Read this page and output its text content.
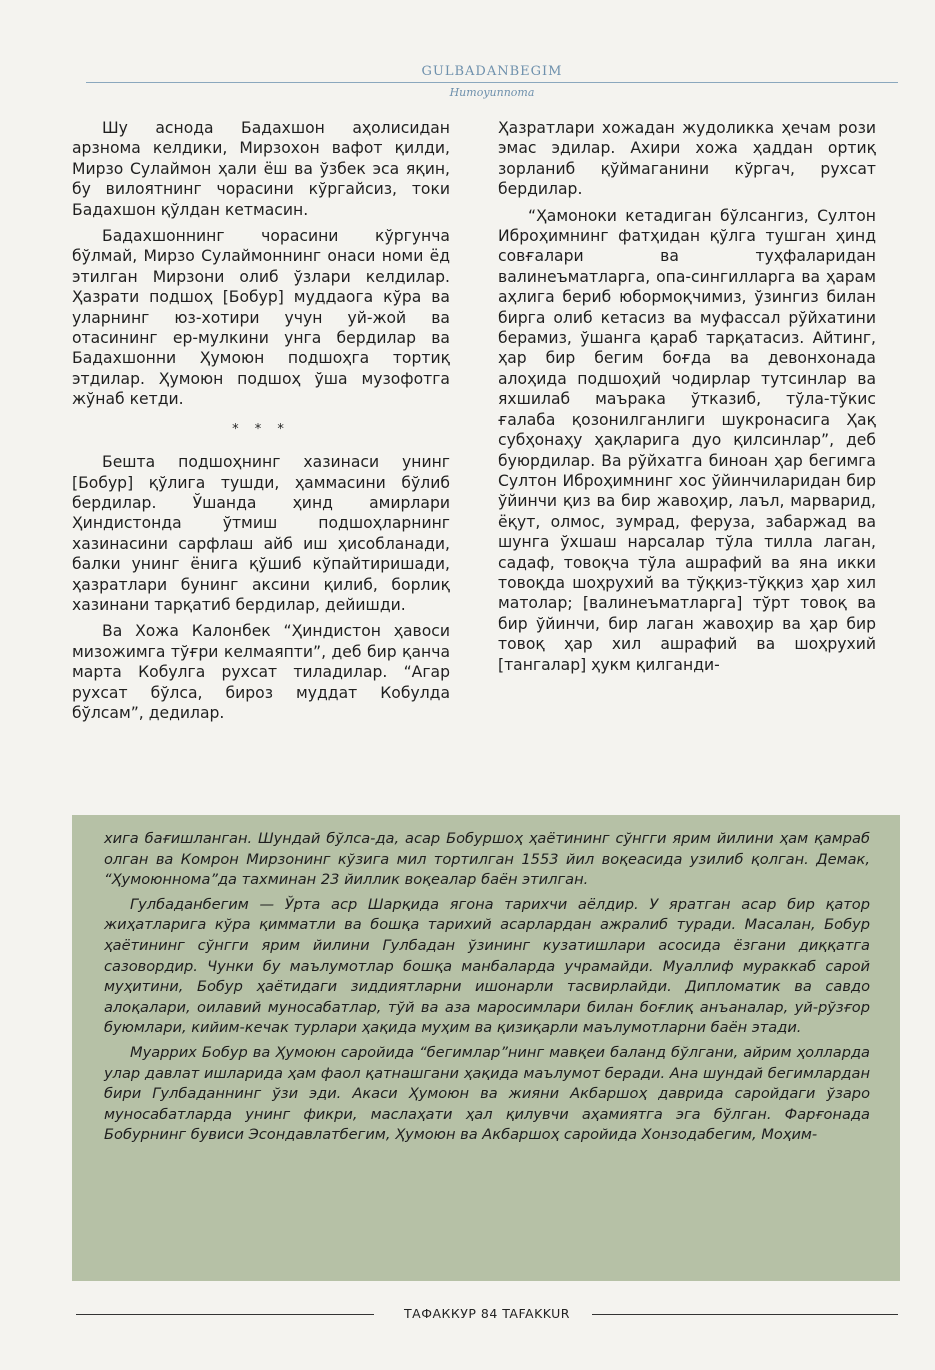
GULBADANBEGIM
Humoyunnoma

Шу аснода Бадахшон аҳолисидан арзнома келдики, Мирзохон вафот қилди, Мирзо Сулаймон ҳали ёш ва ўзбек эса яқин, бу вилоятнинг чорасини кўргайсиз, токи Бадахшон қўлдан кетмасин.

Бадахшоннинг чорасини кўргунча бўлмай, Мирзо Сулаймоннинг онаси номи ёд этилган Мирзони олиб ўзлари келдилар. Ҳазрати подшоҳ [Бобур] муддаога кўра ва уларнинг юз-хотири учун уй-жой ва отасининг ер-мулкини унга бердилар ва Бадахшонни Ҳумоюн подшоҳга тортиқ этдилар. Ҳумоюн подшоҳ ўша музофотга жўнаб кетди.

* * *

Бешта подшоҳнинг хазинаси унинг [Бобур] қўлига тушди, ҳаммасини бўлиб бердилар. Ўшанда ҳинд амирлари Ҳиндистонда ўтмиш подшоҳларнинг хазинасини сарфлаш айб иш ҳисобланади, балки унинг ёнига қўшиб кўпайтиришади, ҳазратлари бунинг аксини қилиб, борлиқ хазинани тарқатиб бердилар, дейишди.

Ва Хожа Калонбек “Ҳиндистон ҳавоси мизожимга тўғри келмаяпти”, деб бир қанча марта Кобулга рухсат тиладилар. “Агар рухсат бўлса, бироз муддат Кобулда бўлсам”, дедилар.

Ҳазратлари хожадан жудоликка ҳечам рози эмас эдилар. Ахири хожа ҳаддан ортиқ зорланиб қўймаганини кўргач, рухсат бердилар.

“Ҳамоноки кетадиган бўлсангиз, Султон Иброҳимнинг фатҳидан қўлга тушган ҳинд совғалари ва туҳфаларидан валинеъматларга, опа-сингилларга ва ҳарам аҳлига бериб юбормоқчимиз, ўзингиз билан бирга олиб кетасиз ва муфассал рўйхатини берамиз, ўшанга қараб тарқатасиз. Айтинг, ҳар бир бегим боғда ва девонхонада алоҳида подшоҳий чодирлар тутсинлар ва яхшилаб маърака ўтказиб, тўла-тўкис ғалаба қозонилганлиги шукронасига Ҳақ субҳонаҳу ҳақларига дуо қилсинлар”, деб буюрдилар. Ва рўйхатга биноан ҳар бегимга Султон Иброҳимнинг хос ўйинчиларидан бир ўйинчи қиз ва бир жавоҳир, лаъл, марварид, ёқут, олмос, зумрад, феруза, забаржад ва шунга ўхшаш нарсалар тўла тилла лаган, садаф, товоқча тўла ашрафий ва яна икки товоқда шоҳрухий ва тўққиз-тўққиз ҳар хил матолар; [валинеъматларга] тўрт товоқ ва бир ўйинчи, бир лаган жавоҳир ва ҳар бир товоқ ҳар хил ашрафий ва шоҳрухий [тангалар] ҳукм қилганди-

хига бағишланган. Шундай бўлса-да, асар Бобуршоҳ ҳаётининг сўнгги ярим йилини ҳам қамраб олган ва Комрон Мирзонинг кўзига мил тортилган 1553 йил воқеасида узилиб қолган. Демак, “Ҳумоюннома”да тахминан 23 йиллик воқеалар баён этилган.

Гулбаданбегим — Ўрта аср Шарқида ягона тарихчи аёлдир. У яратган асар бир қатор жиҳатларига кўра қимматли ва бошқа тарихий асарлардан ажралиб туради. Масалан, Бобур ҳаётининг сўнгги ярим йилини Гулбадан ўзининг кузатишлари асосида ёзгани диққатга сазовордир. Чунки бу маълумотлар бошқа манбаларда учрамайди. Муаллиф мураккаб сарой муҳитини, Бобур ҳаётидаги зиддиятларни ишонарли тасвирлайди. Дипломатик ва савдо алоқалари, оилавий муносабатлар, тўй ва аза маросимлари билан боғлиқ анъаналар, уй-рўзғор буюмлари, кийим-кечак турлари ҳақида муҳим ва қизиқарли маълумотларни баён этади.

Муаррих Бобур ва Ҳумоюн саройида “бегимлар”нинг мавқеи баланд бўлгани, айрим ҳолларда улар давлат ишларида ҳам фаол қатнашгани ҳақида маълумот беради. Ана шундай бегимлардан бири Гулбаданнинг ўзи эди. Акаси Ҳумоюн ва жияни Акбаршоҳ даврида саройдаги ўзаро муносабатларда унинг фикри, маслаҳати ҳал қилувчи аҳамиятга эга бўлган. Фарғонада Бобурнинг бувиси Эсондавлатбегим, Ҳумоюн ва Акбаршоҳ саройида Хонзодабегим, Моҳим-

ТАФАККУР 84 TAFAKKUR
